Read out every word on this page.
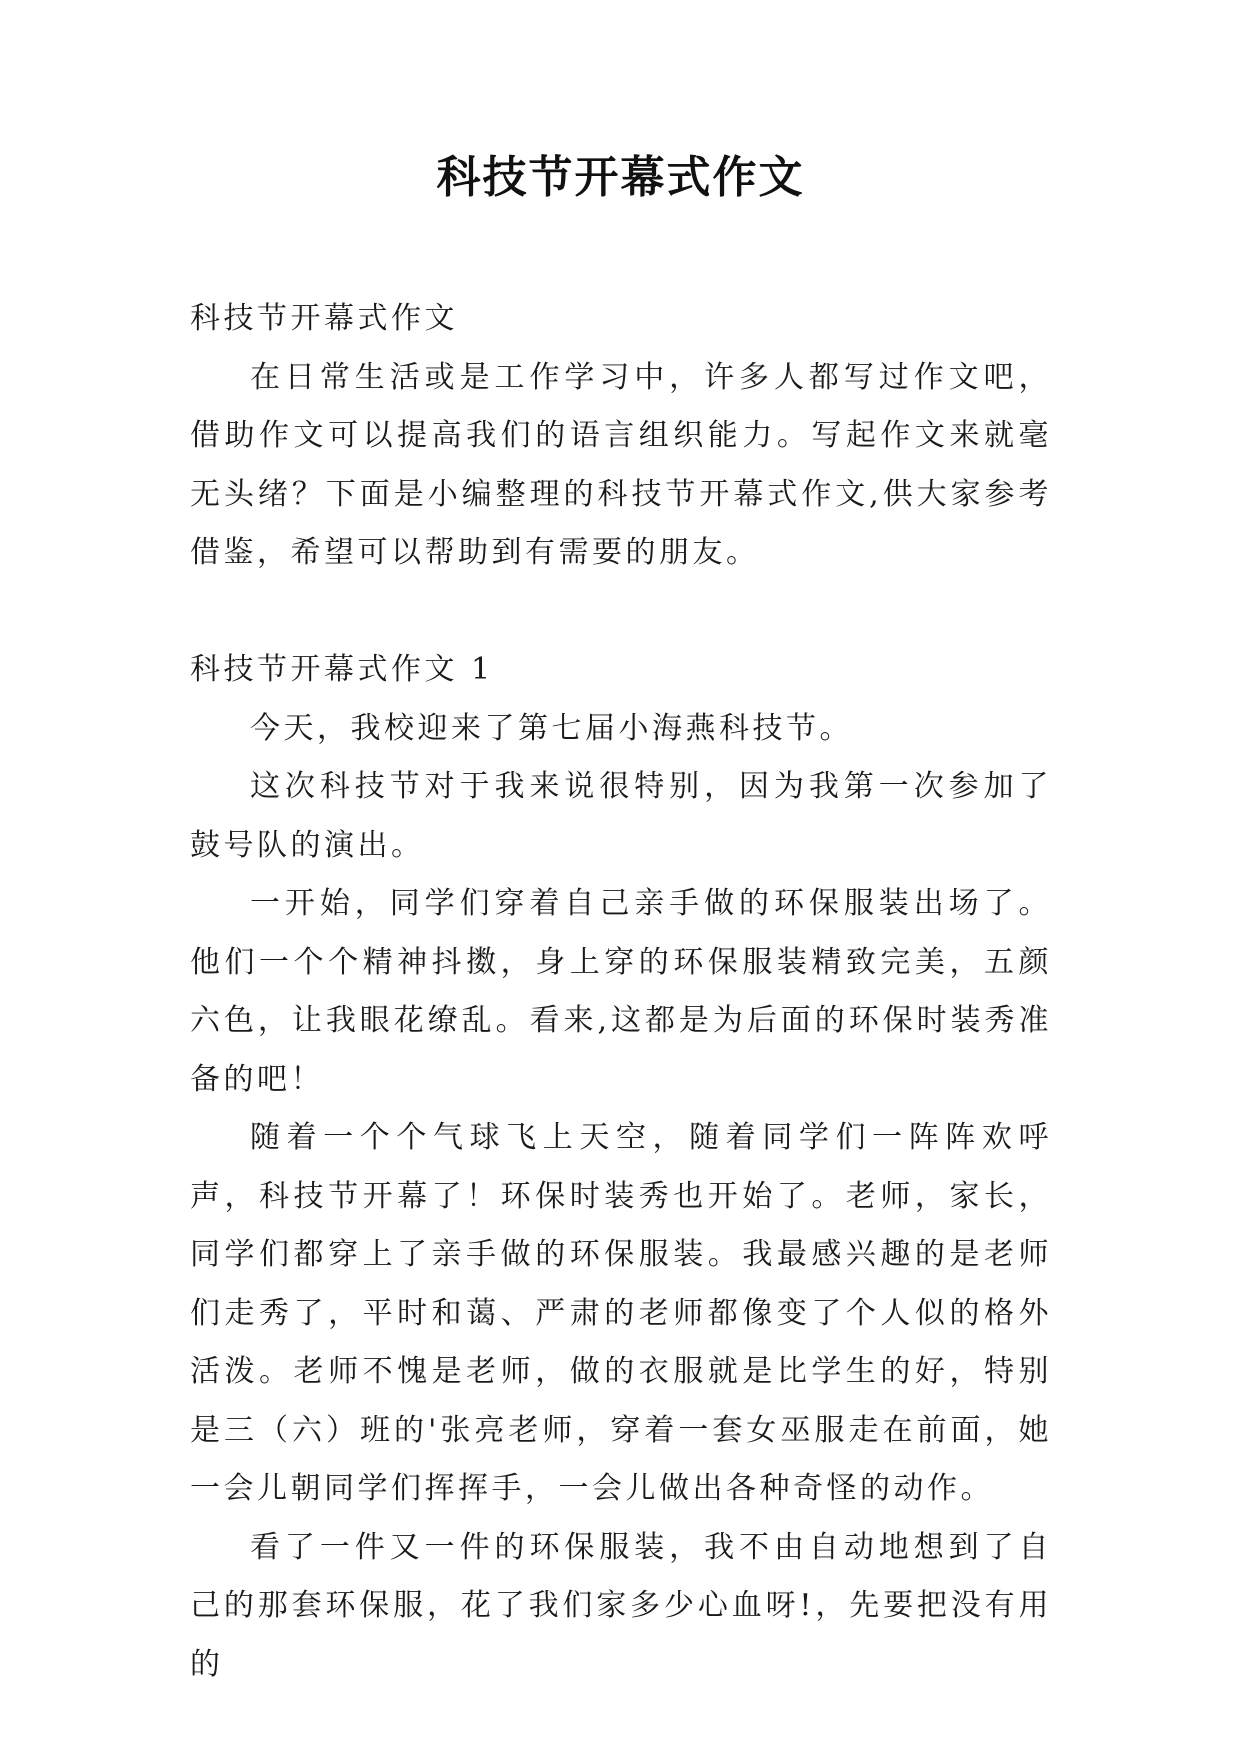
科技节开幕式作文

科技节开幕式作文

在日常生活或是工作学习中，许多人都写过作文吧，借助作文可以提高我们的语言组织能力。写起作文来就毫无头绪？下面是小编整理的科技节开幕式作文,供大家参考借鉴，希望可以帮助到有需要的朋友。

科技节开幕式作文 1

今天，我校迎来了第七届小海燕科技节。

这次科技节对于我来说很特别，因为我第一次参加了鼓号队的演出。

一开始，同学们穿着自己亲手做的环保服装出场了。他们一个个精神抖擞，身上穿的环保服装精致完美，五颜六色，让我眼花缭乱。看来,这都是为后面的环保时装秀准备的吧！

随着一个个气球飞上天空，随着同学们一阵阵欢呼声，科技节开幕了！环保时装秀也开始了。老师，家长，同学们都穿上了亲手做的环保服装。我最感兴趣的是老师们走秀了，平时和蔼、严肃的老师都像变了个人似的格外活泼。老师不愧是老师，做的衣服就是比学生的好，特别是三（六）班的'张亮老师，穿着一套女巫服走在前面，她一会儿朝同学们挥挥手，一会儿做出各种奇怪的动作。

看了一件又一件的环保服装，我不由自动地想到了自己的那套环保服，花了我们家多少心血呀!，先要把没有用的
